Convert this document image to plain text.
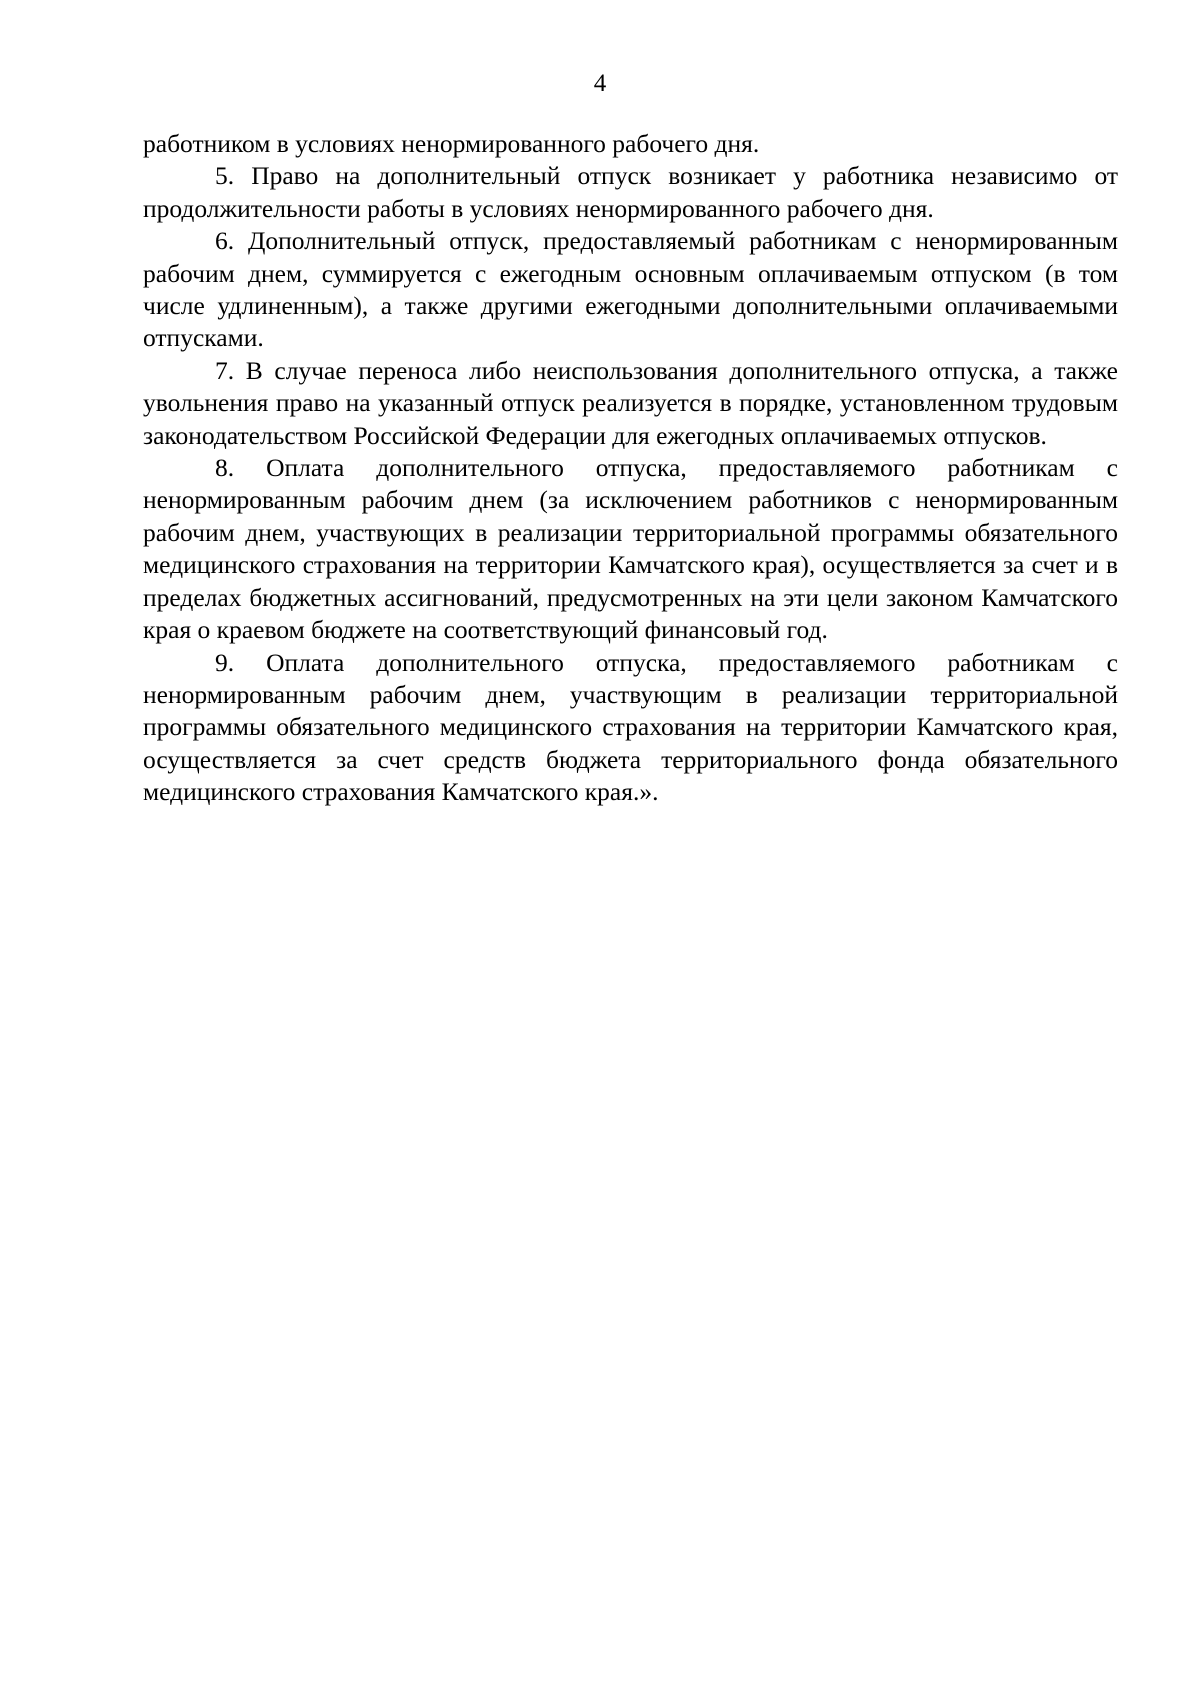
4

работником в условиях ненормированного рабочего дня.

5. Право на дополнительный отпуск возникает у работника независимо от продолжительности работы в условиях ненормированного рабочего дня.

6. Дополнительный отпуск, предоставляемый работникам с ненормированным рабочим днем, суммируется с ежегодным основным оплачиваемым отпуском (в том числе удлиненным), а также другими ежегодными дополнительными оплачиваемыми отпусками.

7. В случае переноса либо неиспользования дополнительного отпуска, а также увольнения право на указанный отпуск реализуется в порядке, установленном трудовым законодательством Российской Федерации для ежегодных оплачиваемых отпусков.

8. Оплата дополнительного отпуска, предоставляемого работникам с ненормированным рабочим днем (за исключением работников с ненормированным рабочим днем, участвующих в реализации территориальной программы обязательного медицинского страхования на территории Камчатского края), осуществляется за счет и в пределах бюджетных ассигнований, предусмотренных на эти цели законом Камчатского края о краевом бюджете на соответствующий финансовый год.

9. Оплата дополнительного отпуска, предоставляемого работникам с ненормированным рабочим днем, участвующим в реализации территориальной программы обязательного медицинского страхования на территории Камчатского края, осуществляется за счет средств бюджета территориального фонда обязательного медицинского страхования Камчатского края.».
